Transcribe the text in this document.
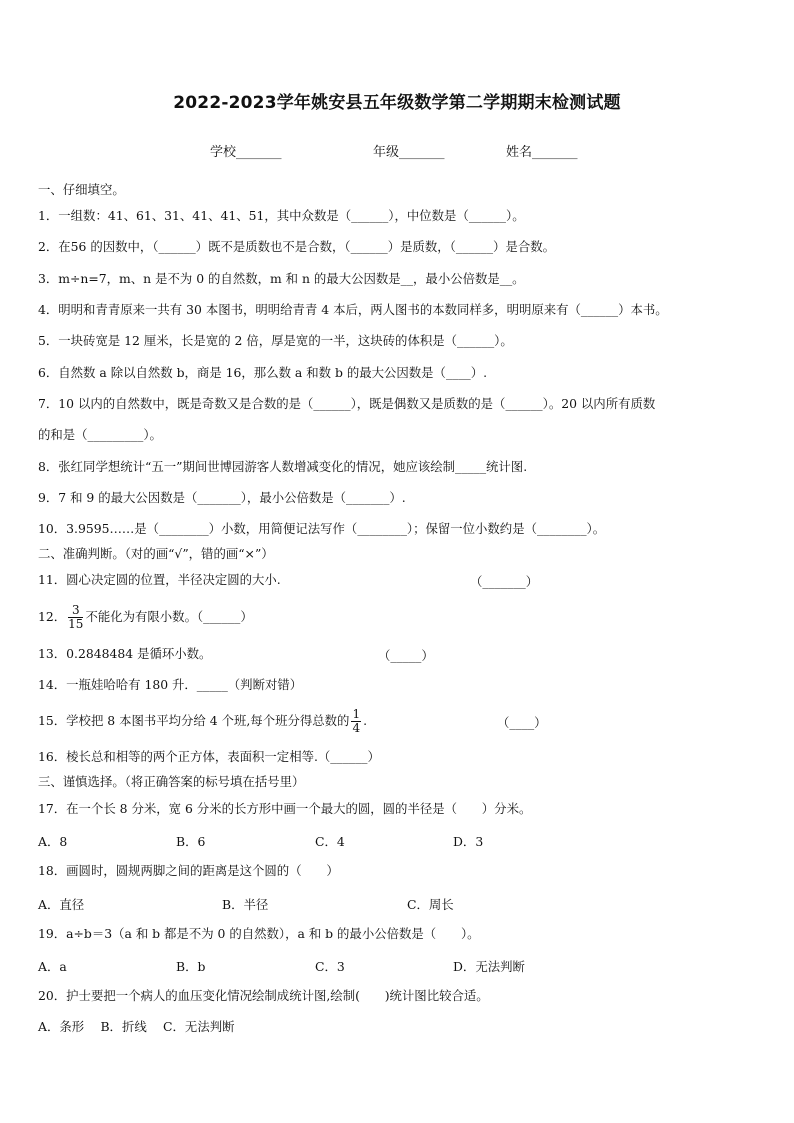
2022-2023学年姚安县五年级数学第二学期期末检测试题
学校_______	年级_______	姓名_______
一、仔细填空。
1．一组数：41、61、31、41、41、51，其中众数是（______），中位数是（______）。
2．在56 的因数中，（______）既不是质数也不是合数，（______）是质数，（______）是合数。
3．m÷n=7，m、n 是不为 0 的自然数，m 和 n 的最大公因数是__，最小公倍数是__。
4．明明和青青原来一共有 30 本图书，明明给青青 4 本后，两人图书的本数同样多，明明原来有（______）本书。
5．一块砖宽是 12 厘米，长是宽的 2 倍，厚是宽的一半，这块砖的体积是（______）。
6．自然数 a 除以自然数 b，商是 16，那么数 a 和数 b 的最大公因数是（____）.
7．10 以内的自然数中，既是奇数又是合数的是（______），既是偶数又是质数的是（______）。20 以内所有质数
的和是（_________）。
8．张红同学想统计“五一”期间世博园游客人数增减变化的情况，她应该绘制_____统计图.
9．7 和 9 的最大公因数是（_______），最小公倍数是（_______）.
10．3.9595……是（________）小数，用简便记法写作（________）；保留一位小数约是（________）。
二、准确判断。（对的画“√”，错的画“×”）
11．圆心决定圆的位置，半径决定圆的大小.	（_______）
12． $\frac{3}{15}$ 不能化为有限小数。（______）
13．0.2848484 是循环小数。	（_____）
14．一瓶娃哈哈有 180 升．_____（判断对错）
15．学校把 8 本图书平均分给 4 个班,每个班分得总数的 $\frac{1}{4}$ .	（____）
16．棱长总和相等的两个正方体，表面积一定相等.（______）
三、谨慎选择。（将正确答案的标号填在括号里）
17．在一个长 8 分米，宽 6 分米的长方形中画一个最大的圆，圆的半径是（　　）分米。
A．8	B．6	C．4	D．3
18．画圆时，圆规两脚之间的距离是这个圆的（　　）
A．直径	B．半径	C．周长
19．a÷b＝3（a 和 b 都是不为 0 的自然数），a 和 b 的最小公倍数是（　　）。
A．a	B．b	C．3	D．无法判断
20．护士要把一个病人的血压变化情况绘制成统计图,绘制(　　)统计图比较合适。
A．条形　 B．折线　 C．无法判断
